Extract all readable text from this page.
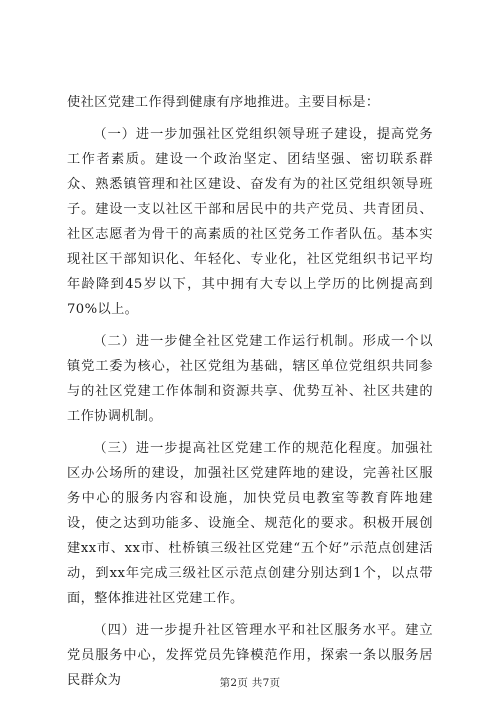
使社区党建工作得到健康有序地推进。主要目标是：

（一）进一步加强社区党组织领导班子建设，提高党务工作者素质。建设一个政治坚定、团结坚强、密切联系群众、熟悉镇管理和社区建设、奋发有为的社区党组织领导班子。建设一支以社区干部和居民中的共产党员、共青团员、社区志愿者为骨干的高素质的社区党务工作者队伍。基本实现社区干部知识化、年轻化、专业化，社区党组织书记平均年龄降到45岁以下，其中拥有大专以上学历的比例提高到70%以上。

（二）进一步健全社区党建工作运行机制。形成一个以镇党工委为核心，社区党组为基础，辖区单位党组织共同参与的社区党建工作体制和资源共享、优势互补、社区共建的工作协调机制。

（三）进一步提高社区党建工作的规范化程度。加强社区办公场所的建设，加强社区党建阵地的建设，完善社区服务中心的服务内容和设施，加快党员电教室等教育阵地建设，使之达到功能多、设施全、规范化的要求。积极开展创建xx市、xx市、杜桥镇三级社区党建“五个好”示范点创建活动，到xx年完成三级社区示范点创建分别达到1个，以点带面，整体推进社区党建工作。

（四）进一步提升社区管理水平和社区服务水平。建立党员服务中心，发挥党员先锋模范作用，探索一条以服务居民群众为	第2页 共7页
